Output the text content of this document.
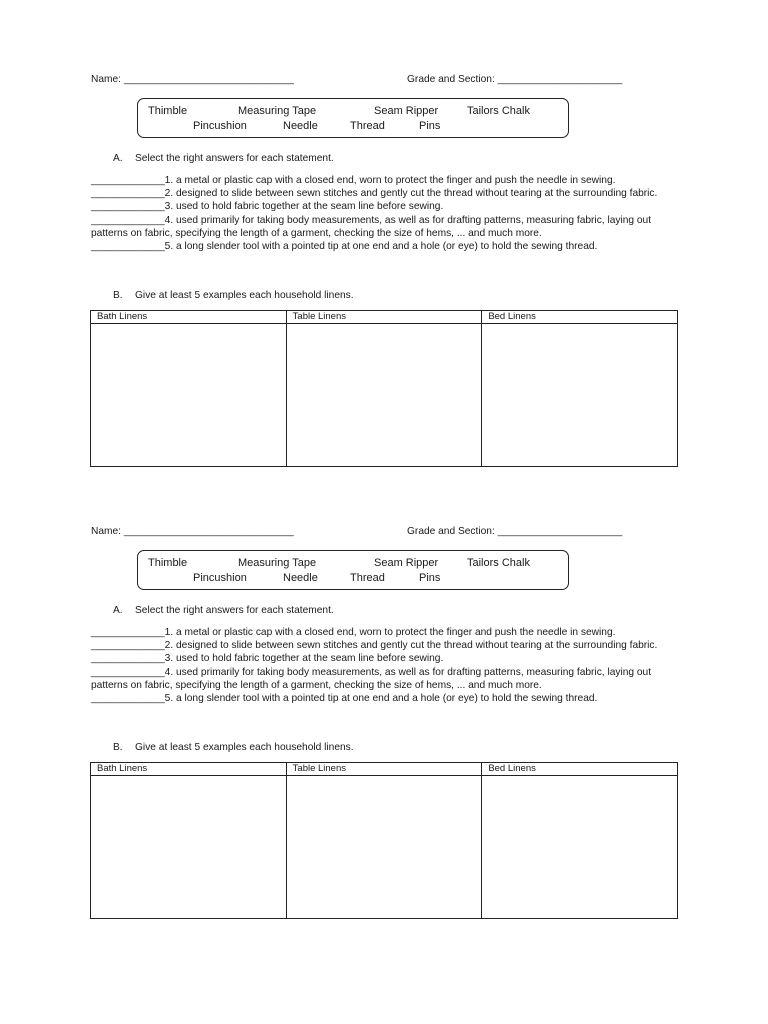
Name: ______________________________	Grade and Section: ______________________
Thimble	Measuring Tape	Seam Ripper	Tailors Chalk
Pincushion	Needle	Thread	Pins
A. Select the right answers for each statement.

_____________1. a metal or plastic cap with a closed end, worn to protect the finger and push the needle in sewing.

_____________2. designed to slide between sewn stitches and gently cut the thread without tearing at the surrounding fabric.

_____________3. used to hold fabric together at the seam line before sewing.

_____________4. used primarily for taking body measurements, as well as for drafting patterns, measuring fabric, laying out patterns on fabric, specifying the length of a garment, checking the size of hems, ... and much more.

_____________5. a long slender tool with a pointed tip at one end and a hole (or eye) to hold the sewing thread.

B. Give at least 5 examples each household linens.
Bath Linens	Table Linens	Bed Linens

Name: ______________________________	Grade and Section: ______________________
Thimble	Measuring Tape	Seam Ripper	Tailors Chalk
Pincushion	Needle	Thread	Pins
A. Select the right answers for each statement.

_____________1. a metal or plastic cap with a closed end, worn to protect the finger and push the needle in sewing.

_____________2. designed to slide between sewn stitches and gently cut the thread without tearing at the surrounding fabric.

_____________3. used to hold fabric together at the seam line before sewing.

_____________4. used primarily for taking body measurements, as well as for drafting patterns, measuring fabric, laying out patterns on fabric, specifying the length of a garment, checking the size of hems, ... and much more.

_____________5. a long slender tool with a pointed tip at one end and a hole (or eye) to hold the sewing thread.

B. Give at least 5 examples each household linens.
Bath Linens	Table Linens	Bed Linens
